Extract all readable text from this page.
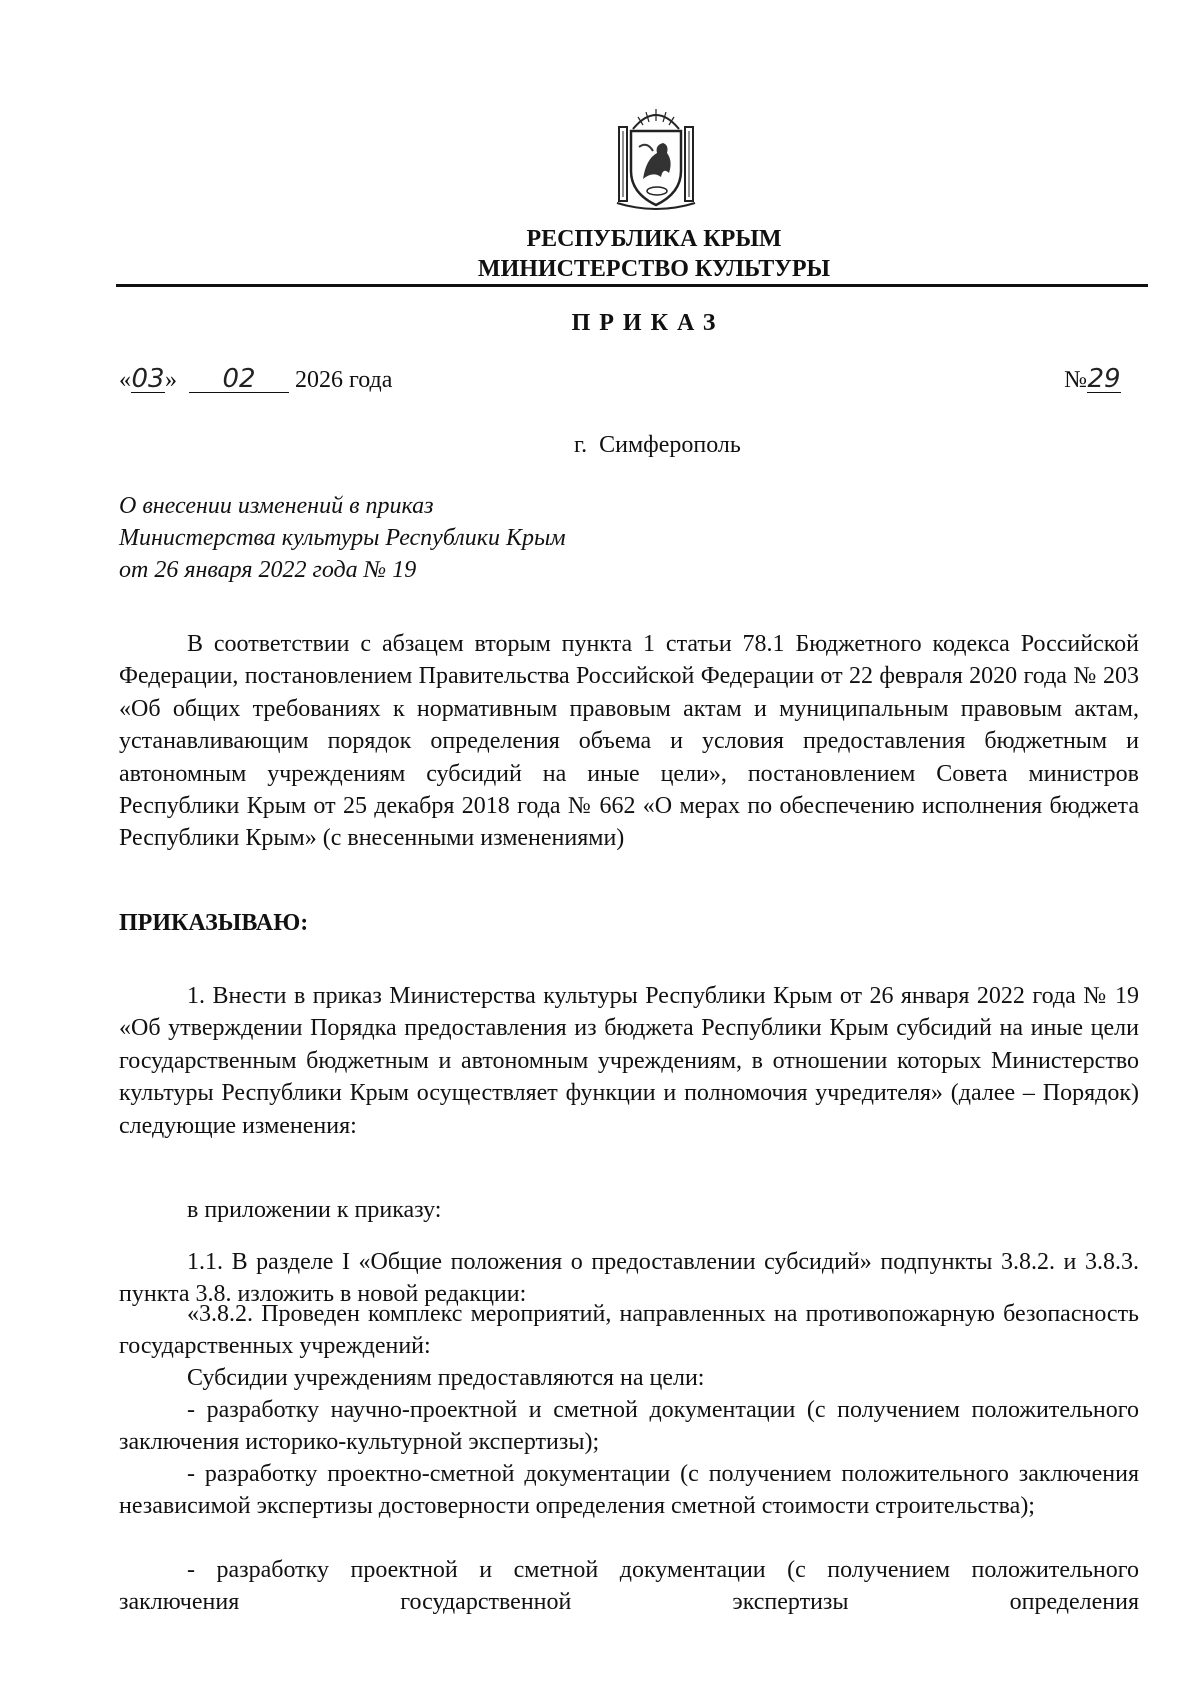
РЕСПУБЛИКА КРЫМ
МИНИСТЕРСТВО КУЛЬТУРЫ
ПРИКАЗ
«03» 02 2026 года	№29
г.  Симферополь
О внесении изменений в приказ
Министерства культуры Республики Крым
от 26 января 2022 года № 19
В соответствии с абзацем вторым пункта 1 статьи 78.1 Бюджетного кодекса Российской Федерации, постановлением Правительства Российской Федерации от 22 февраля 2020 года № 203 «Об общих требованиях к нормативным правовым актам и муниципальным правовым актам, устанавливающим порядок определения объема и условия предоставления бюджетным и автономным учреждениям субсидий на иные цели», постановлением Совета министров Республики Крым от 25 декабря 2018 года № 662 «О мерах по обеспечению исполнения бюджета Республики Крым» (с внесенными изменениями)
ПРИКАЗЫВАЮ:
1. Внести в приказ Министерства культуры Республики Крым от 26 января 2022 года № 19 «Об утверждении Порядка предоставления из бюджета Республики Крым субсидий на иные цели государственным бюджетным и автономным учреждениям, в отношении которых Министерство культуры Республики Крым осуществляет функции и полномочия учредителя» (далее – Порядок) следующие изменения:
в приложении к приказу:
1.1. В разделе I «Общие положения о предоставлении субсидий» подпункты 3.8.2. и 3.8.3. пункта 3.8. изложить в новой редакции:
«3.8.2. Проведен комплекс мероприятий, направленных на противопожарную безопасность государственных учреждений:
Субсидии учреждениям предоставляются на цели:
- разработку научно-проектной и сметной документации (с получением положительного заключения историко-культурной экспертизы);
- разработку проектно-сметной документации (с получением положительного заключения независимой экспертизы достоверности определения сметной стоимости строительства);
- разработку проектной и сметной документации (с получением положительного заключения государственной экспертизы определения
